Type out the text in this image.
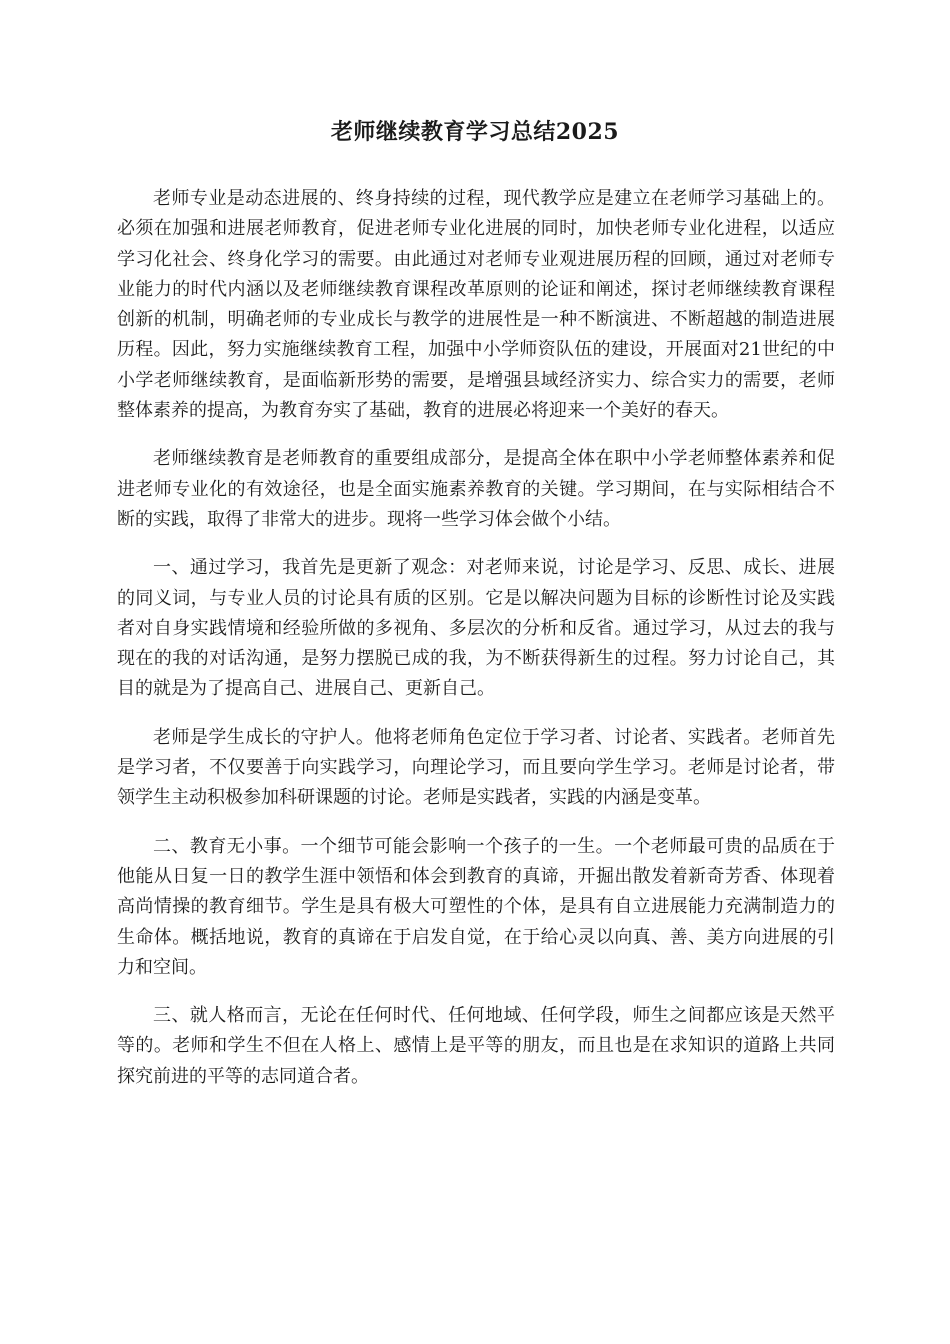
老师继续教育学习总结2025

老师专业是动态进展的、终身持续的过程，现代教学应是建立在老师学习基础上的。必须在加强和进展老师教育，促进老师专业化进展的同时，加快老师专业化进程，以适应学习化社会、终身化学习的需要。由此通过对老师专业观进展历程的回顾，通过对老师专业能力的时代内涵以及老师继续教育课程改革原则的论证和阐述，探讨老师继续教育课程创新的机制，明确老师的专业成长与教学的进展性是一种不断演进、不断超越的制造进展历程。因此，努力实施继续教育工程，加强中小学师资队伍的建设，开展面对21世纪的中小学老师继续教育，是面临新形势的需要，是增强县域经济实力、综合实力的需要，老师整体素养的提高，为教育夯实了基础，教育的进展必将迎来一个美好的春天。

老师继续教育是老师教育的重要组成部分，是提高全体在职中小学老师整体素养和促进老师专业化的有效途径，也是全面实施素养教育的关键。学习期间，在与实际相结合不断的实践，取得了非常大的进步。现将一些学习体会做个小结。

一、通过学习，我首先是更新了观念：对老师来说，讨论是学习、反思、成长、进展的同义词，与专业人员的讨论具有质的区别。它是以解决问题为目标的诊断性讨论及实践者对自身实践情境和经验所做的多视角、多层次的分析和反省。通过学习，从过去的我与现在的我的对话沟通，是努力摆脱已成的我，为不断获得新生的过程。努力讨论自己，其目的就是为了提高自己、进展自己、更新自己。

老师是学生成长的守护人。他将老师角色定位于学习者、讨论者、实践者。老师首先是学习者，不仅要善于向实践学习，向理论学习，而且要向学生学习。老师是讨论者，带领学生主动积极参加科研课题的讨论。老师是实践者，实践的内涵是变革。

二、教育无小事。一个细节可能会影响一个孩子的一生。一个老师最可贵的品质在于他能从日复一日的教学生涯中领悟和体会到教育的真谛，开掘出散发着新奇芳香、体现着高尚情操的教育细节。学生是具有极大可塑性的个体，是具有自立进展能力充满制造力的生命体。概括地说，教育的真谛在于启发自觉，在于给心灵以向真、善、美方向进展的引力和空间。

三、就人格而言，无论在任何时代、任何地域、任何学段，师生之间都应该是天然平等的。老师和学生不但在人格上、感情上是平等的朋友，而且也是在求知识的道路上共同探究前进的平等的志同道合者。
